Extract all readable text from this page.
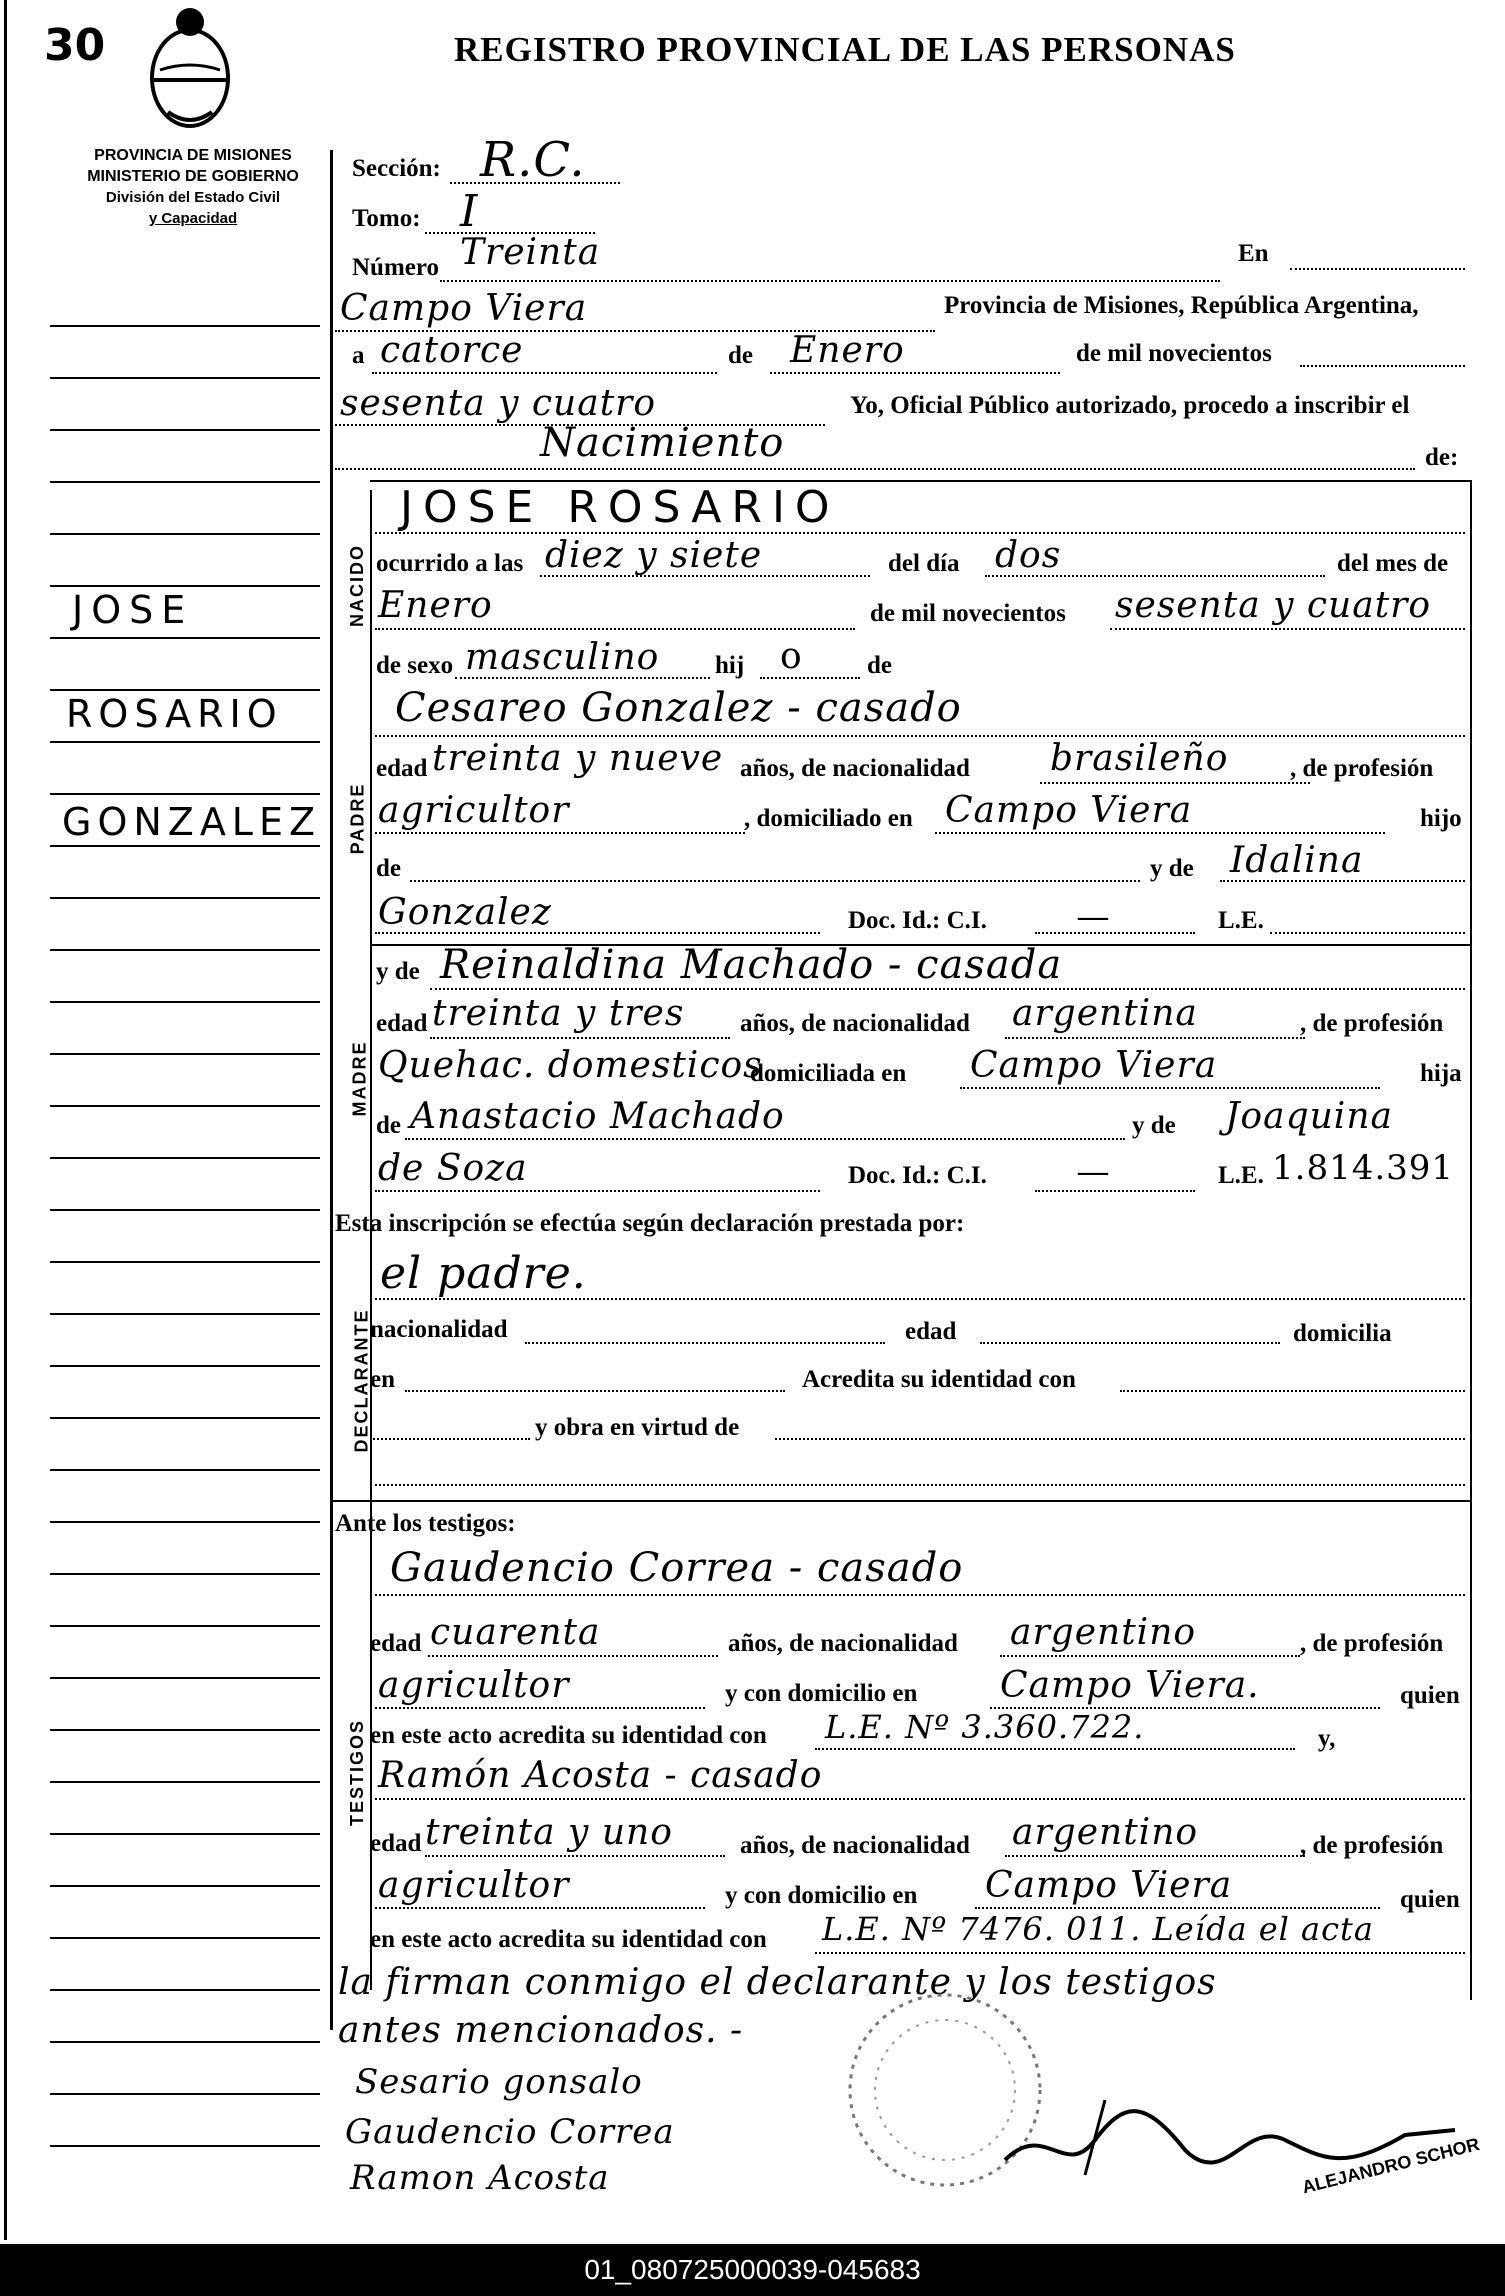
30	REGISTRO PROVINCIAL DE LAS PERSONAS
PROVINCIA DE MISIONES
MINISTERIO DE GOBIERNO
División del Estado Civil
y Capacidad
JOSE
ROSARIO
GONZALEZ
NACIDO
PADRE
MADRE
DECLARANTE
TESTIGOS
Sección: R.C.
Tomo: I
Número Treinta	En
Campo Viera	Provincia de Misiones, República Argentina,
a catorce	de Enero	de mil novecientos
sesenta y cuatro	Yo, Oficial Público autorizado, procedo a inscribir el
Nacimiento	de:
JOSE ROSARIO
ocurrido a las diez y siete	del día dos	del mes de
Enero	de mil novecientos sesenta y cuatro
de sexo masculino hij o	de
Cesareo Gonzalez - casado
edad treinta y nueve años, de nacionalidad brasileño , de profesión
agricultor	, domiciliado en Campo Viera	hijo
de	y de Idalina
Gonzalez	Doc. Id.: C.I.	—	L.E.
y de Reinaldina Machado - casada
edad treinta y tres años, de nacionalidad argentina	, de profesión
Quehac. domesticos
domiciliada en Campo Viera	hija
de Anastacio Machado	y de Joaquina
de Soza	Doc. Id.: C.I.	—	L.E. 1.814.391
Esta inscripción se efectúa según declaración prestada por:
el padre.
nacionalidad	edad	domicilia
en	Acredita su identidad con
y obra en virtud de
Ante los testigos:
Gaudencio Correa - casado
edad cuarenta	años, de nacionalidad argentino	, de profesión
agricultor	y con domicilio en Campo Viera.	quien
en este acto acredita su identidad con L.E. Nº 3.360.722.	y,
Ramón Acosta - casado
edad treinta y uno	años, de nacionalidad argentino	, de profesión
agricultor	y con domicilio en Campo Viera	quien
en este acto acredita su identidad con L.E. Nº 7476. 011. Leída el acta
la firman conmigo el declarante y los testigos
antes mencionados. -
Sesario gonsalo
Gaudencio Correa
Ramon Acosta	ALEJANDRO SCHOR
01_080725000039-045683
